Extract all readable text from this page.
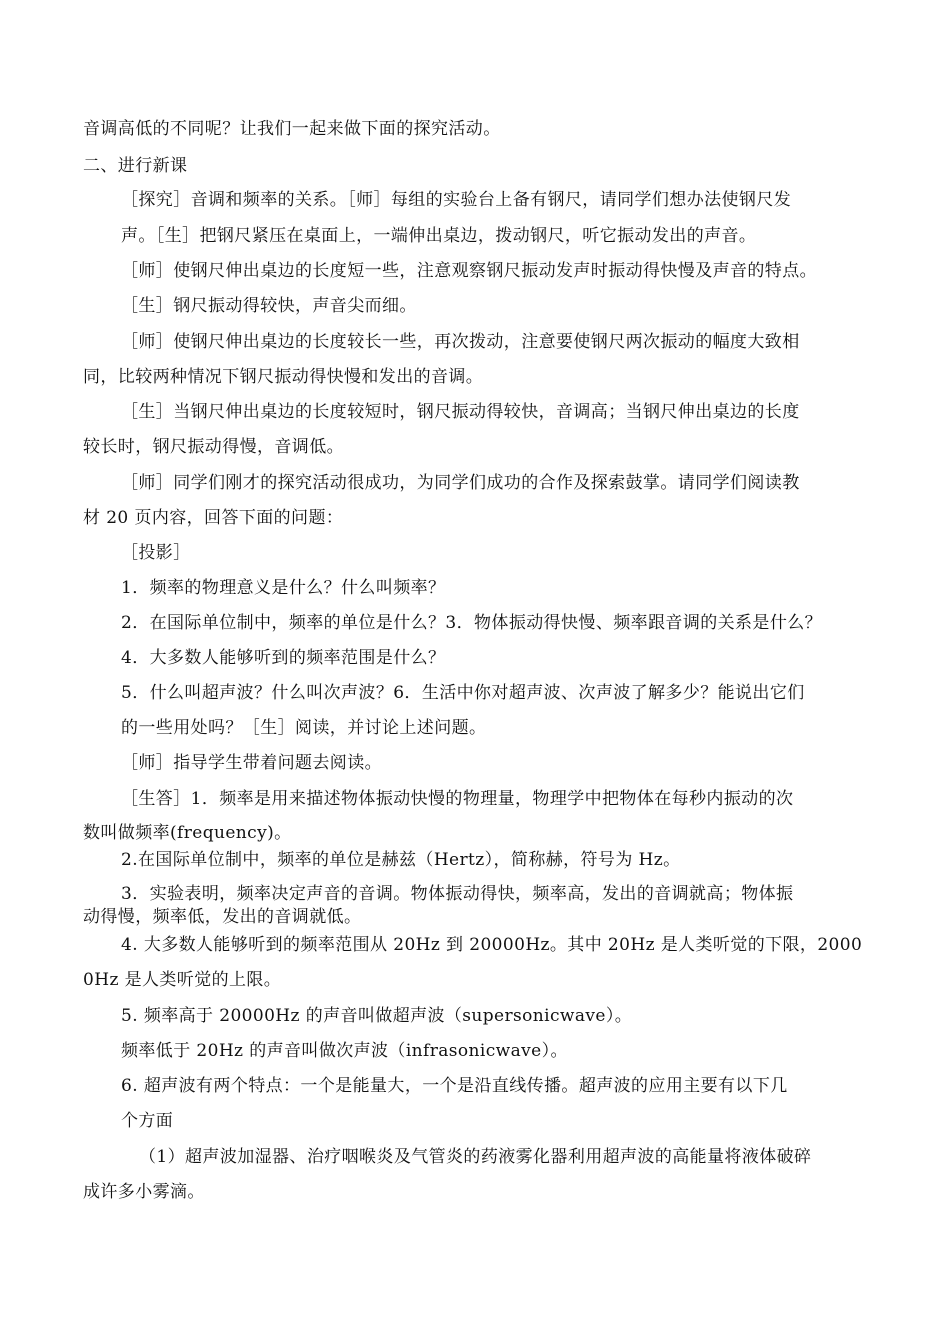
音调高低的不同呢？让我们一起来做下面的探究活动。
二、进行新课
［探究］音调和频率的关系。［师］每组的实验台上备有钢尺，请同学们想办法使钢尺发
声。［生］把钢尺紧压在桌面上，一端伸出桌边，拨动钢尺，听它振动发出的声音。
［师］使钢尺伸出桌边的长度短一些，注意观察钢尺振动发声时振动得快慢及声音的特点。
［生］钢尺振动得较快，声音尖而细。
［师］使钢尺伸出桌边的长度较长一些，再次拨动，注意要使钢尺两次振动的幅度大致相
同，比较两种情况下钢尺振动得快慢和发出的音调。
［生］当钢尺伸出桌边的长度较短时，钢尺振动得较快，音调高；当钢尺伸出桌边的长度
较长时，钢尺振动得慢，音调低。
［师］同学们刚才的探究活动很成功，为同学们成功的合作及探索鼓掌。请同学们阅读教
材 20 页内容，回答下面的问题：
［投影］
1．频率的物理意义是什么？什么叫频率？
2．在国际单位制中，频率的单位是什么？3．物体振动得快慢、频率跟音调的关系是什么？
4．大多数人能够听到的频率范围是什么？
5．什么叫超声波？什么叫次声波？6．生活中你对超声波、次声波了解多少？能说出它们
的一些用处吗？［生］阅读，并讨论上述问题。
［师］指导学生带着问题去阅读。
［生答］1．频率是用来描述物体振动快慢的物理量，物理学中把物体在每秒内振动的次
数叫做频率(frequency)。
2.在国际单位制中，频率的单位是赫兹（Hertz），简称赫，符号为 Hz。
3．实验表明，频率决定声音的音调。物体振动得快，频率高，发出的音调就高；物体振
动得慢，频率低，发出的音调就低。
4. 大多数人能够听到的频率范围从 20Hz 到 20000Hz。其中 20Hz 是人类听觉的下限，2000
0Hz 是人类听觉的上限。
5. 频率高于 20000Hz 的声音叫做超声波（supersonicwave）。
频率低于 20Hz 的声音叫做次声波（infrasonicwave）。
6. 超声波有两个特点：一个是能量大，一个是沿直线传播。超声波的应用主要有以下几
个方面
（1）超声波加湿器、治疗咽喉炎及气管炎的药液雾化器利用超声波的高能量将液体破碎
成许多小雾滴。
